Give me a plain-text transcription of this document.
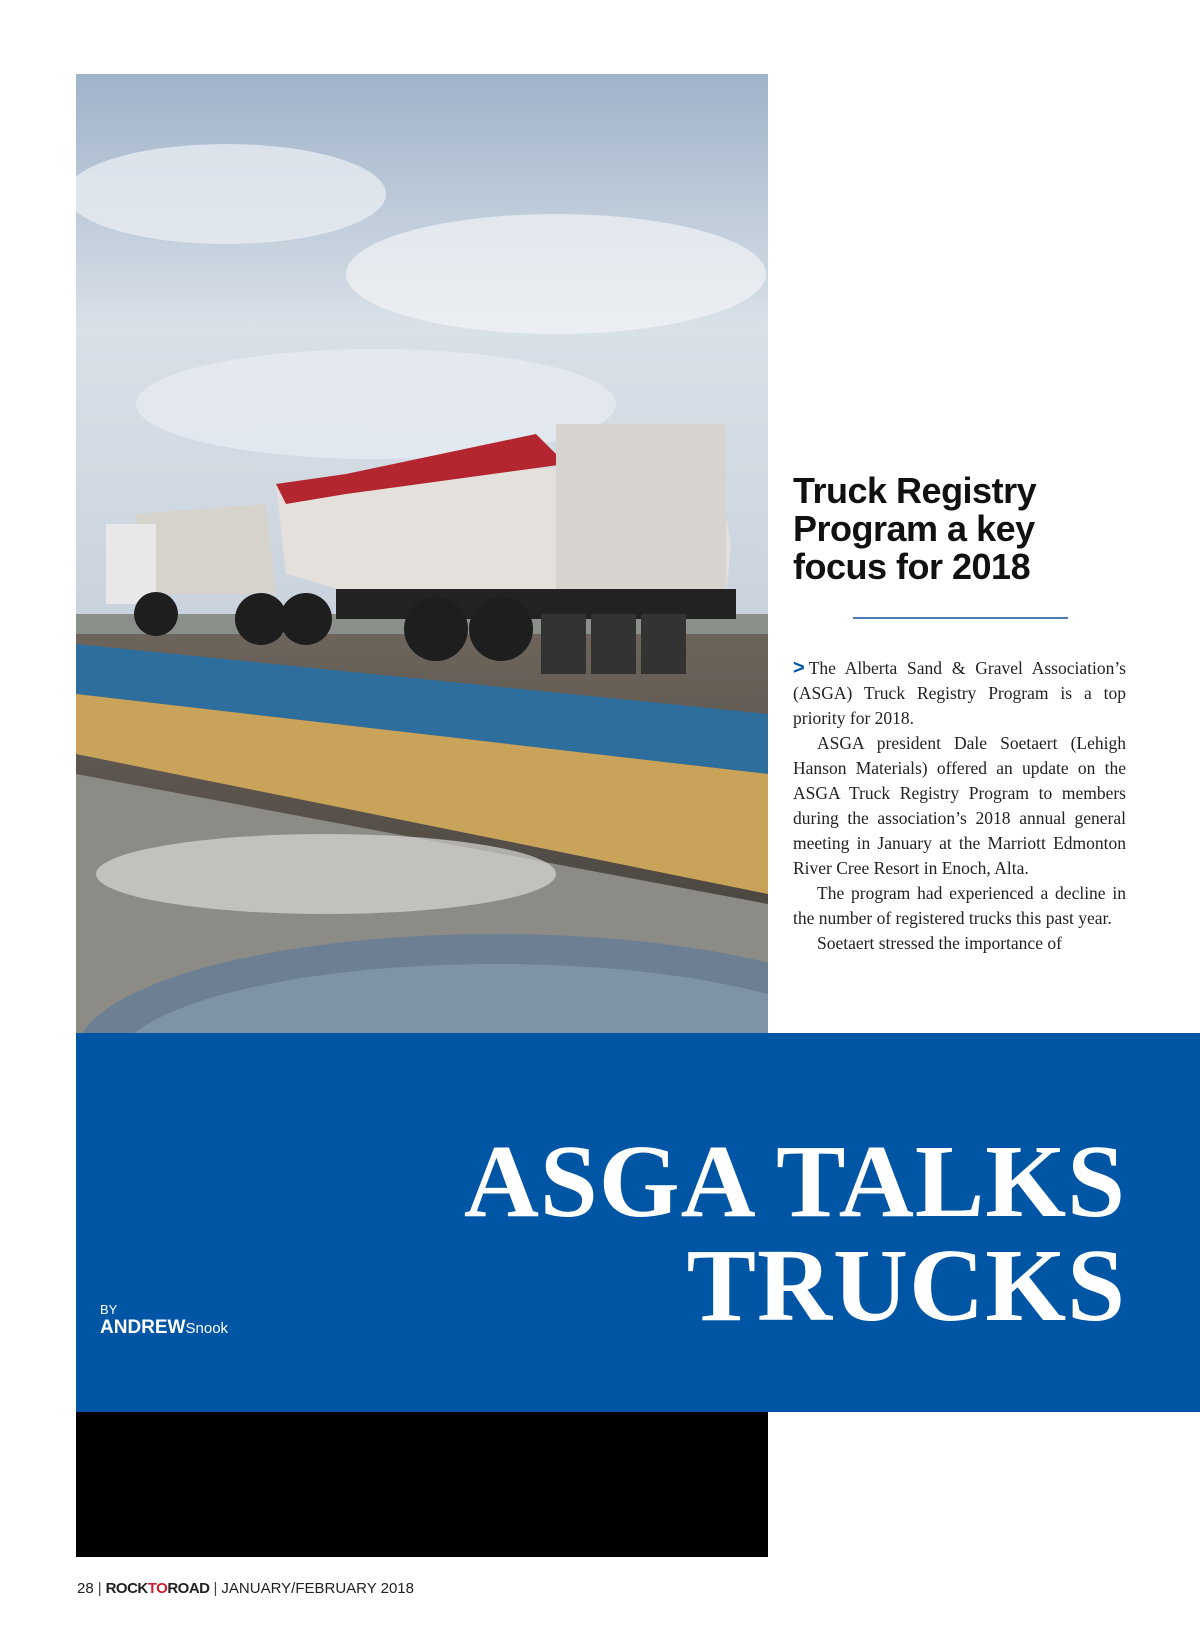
ASGA TALKS
TRUCKS
BY
ANDREWSnook
Truck Registry Program a key focus for 2018

> The Alberta Sand & Gravel Association’s (ASGA) Truck Registry Program is a top priority for 2018.

ASGA president Dale Soetaert (Lehigh Hanson Materials) offered an update on the ASGA Truck Registry Program to members during the association’s 2018 annual general meeting in January at the Marriott Edmonton River Cree Resort in Enoch, Alta.

The program had experienced a decline in the number of registered trucks this past year.

Soetaert stressed the importance of

28 | ROCKTOROAD | JANUARY/FEBRUARY 2018
